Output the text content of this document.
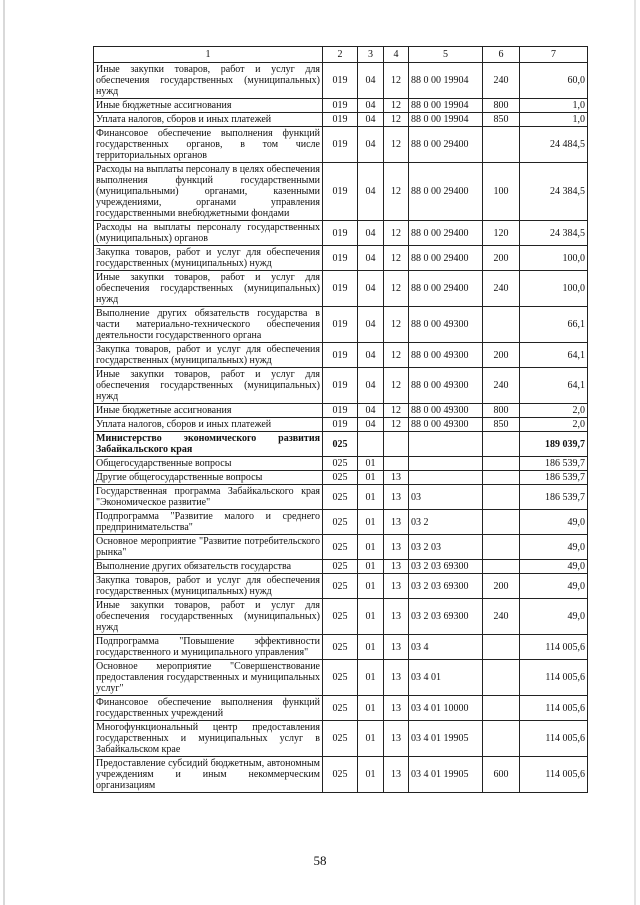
1	2	3	4	5	6	7
Иные закупки товаров, работ и услуг для обеспечения государственных (муниципальных) нужд	019	04	12	88 0 00 19904	240	60,0
Иные бюджетные ассигнования	019	04	12	88 0 00 19904	800	1,0
Уплата налогов, сборов и иных платежей	019	04	12	88 0 00 19904	850	1,0
Финансовое обеспечение выполнения функций государственных органов, в том числе территориальных органов	019	04	12	88 0 00 29400		24 484,5
Расходы на выплаты персоналу в целях обеспечения выполнения функций государственными (муниципальными) органами, казенными учреждениями, органами управления государственными внебюджетными фондами	019	04	12	88 0 00 29400	100	24 384,5
Расходы на выплаты персоналу государственных (муниципальных) органов	019	04	12	88 0 00 29400	120	24 384,5
Закупка товаров, работ и услуг для обеспечения государственных (муниципальных) нужд	019	04	12	88 0 00 29400	200	100,0
Иные закупки товаров, работ и услуг для обеспечения государственных (муниципальных) нужд	019	04	12	88 0 00 29400	240	100,0
Выполнение других обязательств государства в части материально-технического обеспечения деятельности государственного органа	019	04	12	88 0 00 49300		66,1
Закупка товаров, работ и услуг для обеспечения государственных (муниципальных) нужд	019	04	12	88 0 00 49300	200	64,1
Иные закупки товаров, работ и услуг для обеспечения государственных (муниципальных) нужд	019	04	12	88 0 00 49300	240	64,1
Иные бюджетные ассигнования	019	04	12	88 0 00 49300	800	2,0
Уплата налогов, сборов и иных платежей	019	04	12	88 0 00 49300	850	2,0
Министерство экономического развития Забайкальского края	025					189 039,7
Общегосударственные вопросы	025	01				186 539,7
Другие общегосударственные вопросы	025	01	13			186 539,7
Государственная программа Забайкальского края "Экономическое развитие"	025	01	13	03		186 539,7
Подпрограмма "Развитие малого и среднего предпринимательства"	025	01	13	03 2		49,0
Основное мероприятие "Развитие потребительского рынка"	025	01	13	03 2 03		49,0
Выполнение других обязательств государства	025	01	13	03 2 03 69300		49,0
Закупка товаров, работ и услуг для обеспечения государственных (муниципальных) нужд	025	01	13	03 2 03 69300	200	49,0
Иные закупки товаров, работ и услуг для обеспечения государственных (муниципальных) нужд	025	01	13	03 2 03 69300	240	49,0
Подпрограмма "Повышение эффективности государственного и муниципального управления"	025	01	13	03 4		114 005,6
Основное мероприятие "Совершенствование предоставления государственных и муниципальных услуг"	025	01	13	03 4 01		114 005,6
Финансовое обеспечение выполнения функций государственных учреждений	025	01	13	03 4 01 10000		114 005,6
Многофункциональный центр предоставления государственных и муниципальных услуг в Забайкальском крае	025	01	13	03 4 01 19905		114 005,6
Предоставление субсидий бюджетным, автономным учреждениям и иным некоммерческим организациям	025	01	13	03 4 01 19905	600	114 005,6
58
